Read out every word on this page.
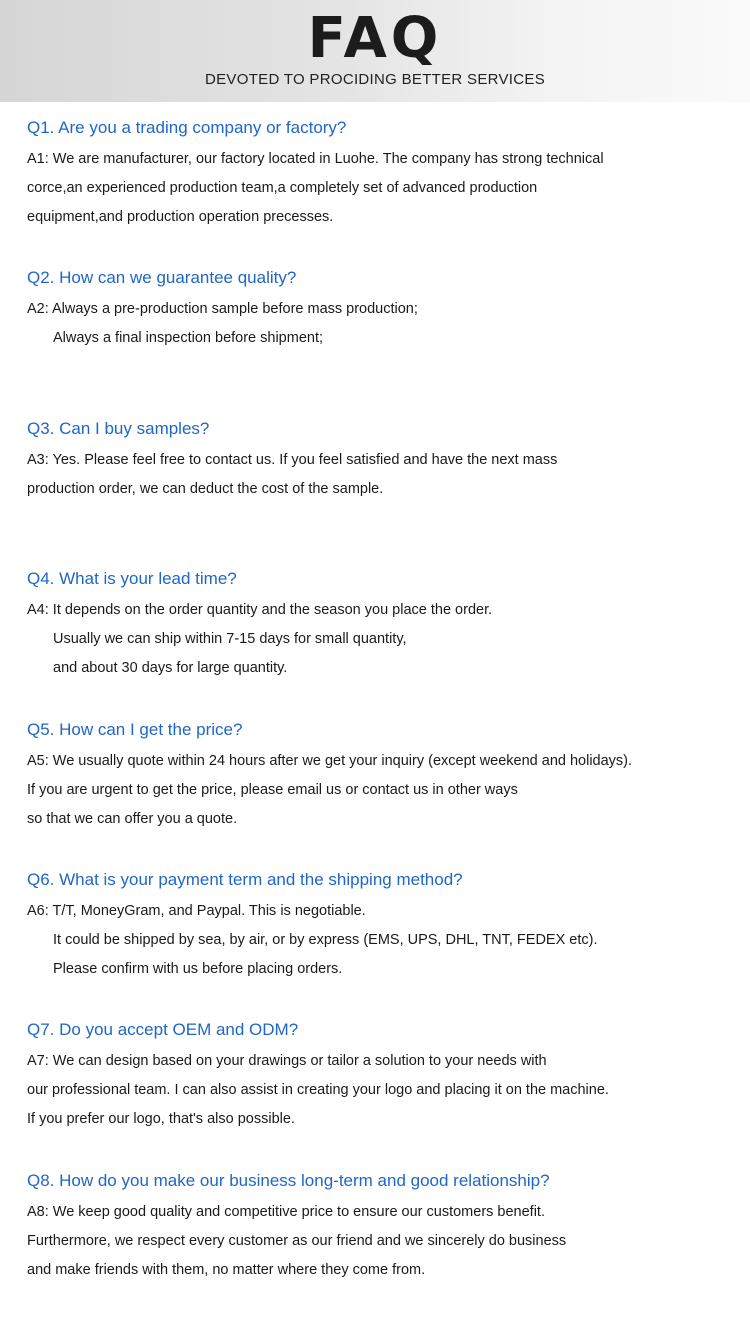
FAQ
DEVOTED TO PROCIDING BETTER SERVICES
Q1. Are you a trading company or factory?
A1: We are manufacturer, our factory located in Luohe. The company has strong technical
corce,an experienced production team,a completely set of advanced production
equipment,and production operation precesses.
Q2. How can we guarantee quality?
A2: Always a pre-production sample before mass production;
Always a final inspection before shipment;
Q3. Can I buy samples?
A3: Yes. Please feel free to contact us. If you feel satisfied and have the next mass
production order, we can deduct the cost of the sample.
Q4. What is your lead time?
A4: It depends on the order quantity and the season you place the order.
Usually we can ship within 7-15 days for small quantity,
and about 30 days for large quantity.
Q5. How can I get the price?
A5: We usually quote within 24 hours after we get your inquiry (except weekend and holidays).
If you are urgent to get the price, please email us or contact us in other ways
so that we can offer you a quote.
Q6. What is your payment term and the shipping method?
A6: T/T, MoneyGram, and Paypal. This is negotiable.
It could be shipped by sea, by air, or by express (EMS, UPS, DHL, TNT, FEDEX etc).
Please confirm with us before placing orders.
Q7. Do you accept OEM and ODM?
A7: We can design based on your drawings or tailor a solution to your needs with
our professional team. I can also assist in creating your logo and placing it on the machine.
If you prefer our logo, that's also possible.
Q8. How do you make our business long-term and good relationship?
A8: We keep good quality and competitive price to ensure our customers benefit.
Furthermore, we respect every customer as our friend and we sincerely do business
and make friends with them, no matter where they come from.
